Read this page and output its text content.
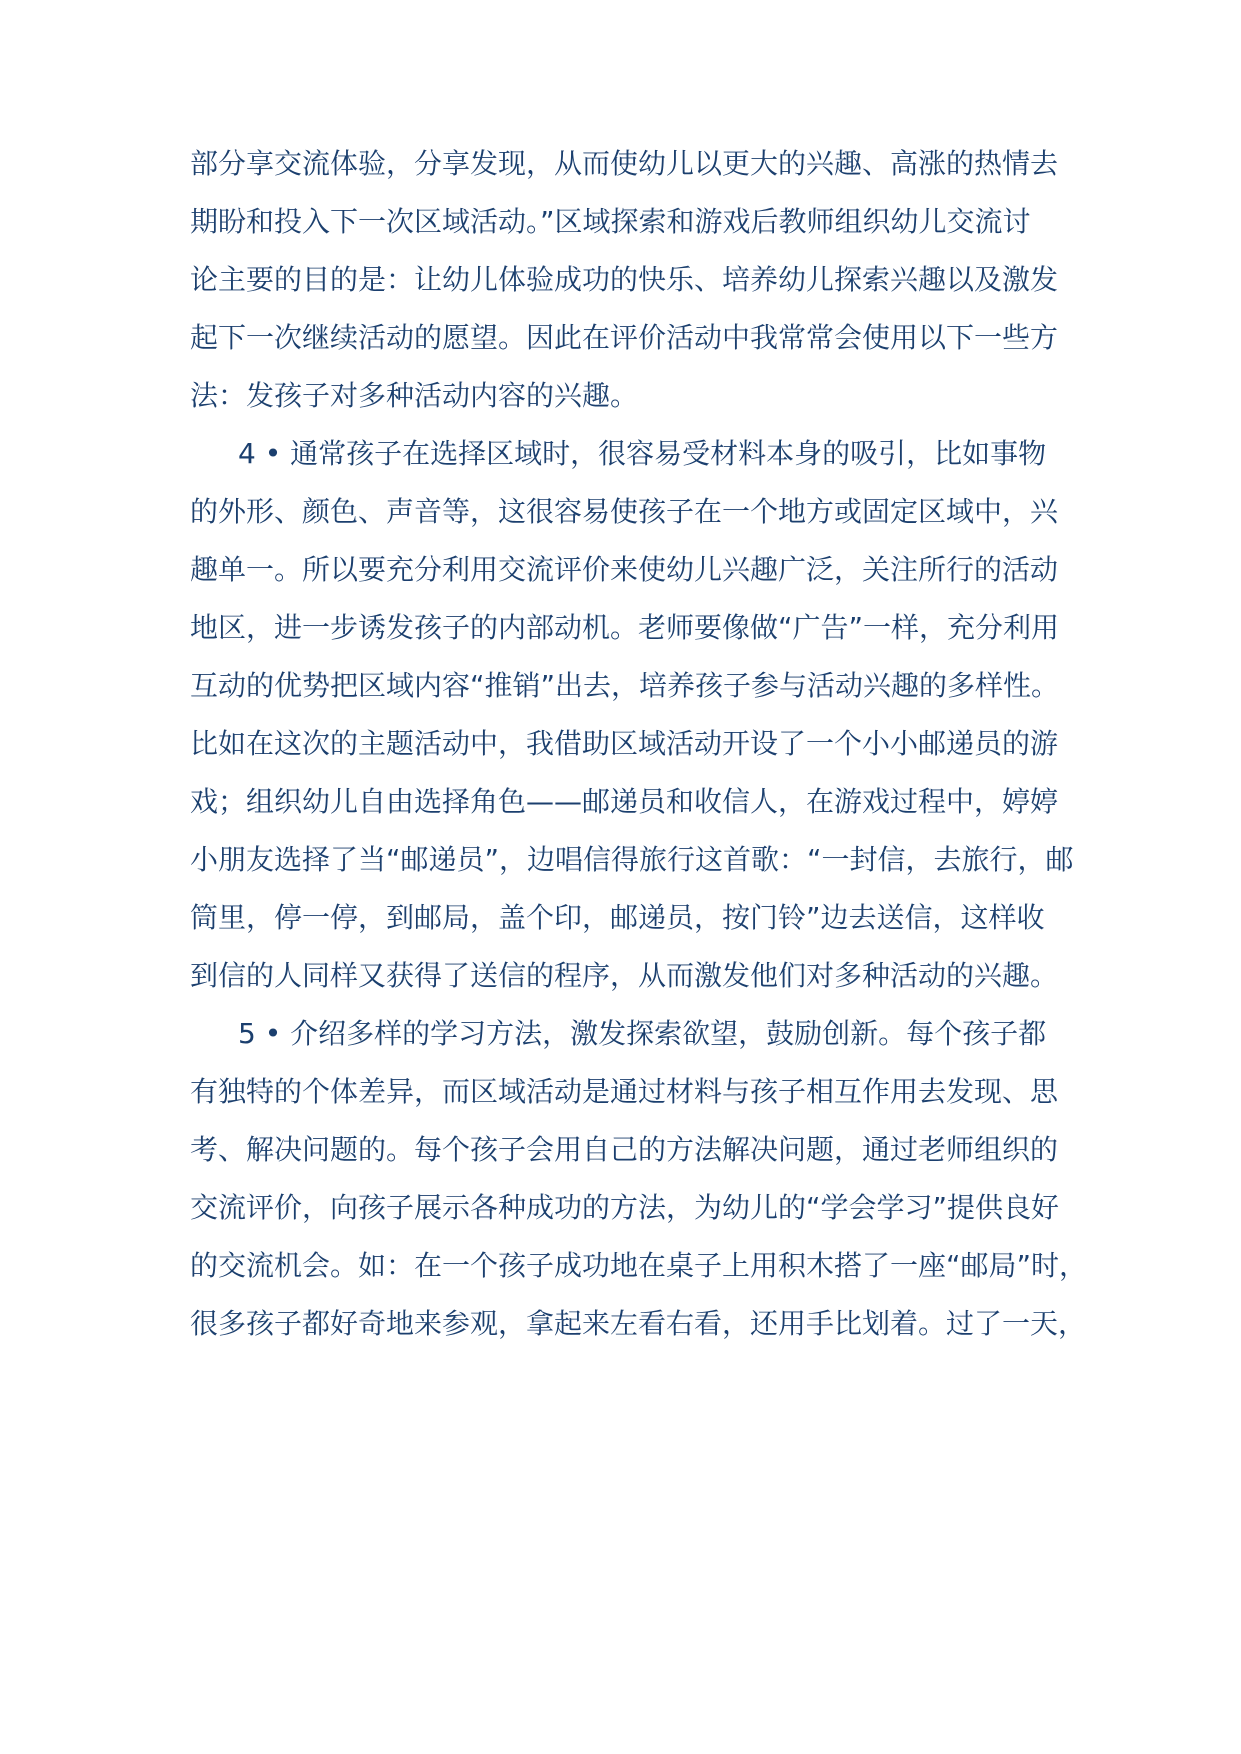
部分享交流体验，分享发现，从而使幼儿以更大的兴趣、高涨的热情去
期盼和投入下一次区域活动。”区域探索和游戏后教师组织幼儿交流讨
论主要的目的是：让幼儿体验成功的快乐、培养幼儿探索兴趣以及激发
起下一次继续活动的愿望。因此在评价活动中我常常会使用以下一些方
法：发孩子对多种活动内容的兴趣。
4 • 通常孩子在选择区域时，很容易受材料本身的吸引，比如事物
的外形、颜色、声音等，这很容易使孩子在一个地方或固定区域中，兴
趣单一。所以要充分利用交流评价来使幼儿兴趣广泛，关注所行的活动
地区，进一步诱发孩子的内部动机。老师要像做“广告”一样，充分利用
互动的优势把区域内容“推销”出去，培养孩子参与活动兴趣的多样性。
比如在这次的主题活动中，我借助区域活动开设了一个小小邮递员的游
戏；组织幼儿自由选择角色——邮递员和收信人，在游戏过程中，婷婷
小朋友选择了当“邮递员”，边唱信得旅行这首歌：“一封信，去旅行，邮
筒里，停一停，到邮局，盖个印，邮递员，按门铃”边去送信，这样收
到信的人同样又获得了送信的程序，从而激发他们对多种活动的兴趣。
5 • 介绍多样的学习方法，激发探索欲望，鼓励创新。每个孩子都
有独特的个体差异，而区域活动是通过材料与孩子相互作用去发现、思
考、解决问题的。每个孩子会用自己的方法解决问题，通过老师组织的
交流评价，向孩子展示各种成功的方法，为幼儿的“学会学习”提供良好
的交流机会。如：在一个孩子成功地在桌子上用积木搭了一座“邮局”时，
很多孩子都好奇地来参观，拿起来左看右看，还用手比划着。过了一天，
